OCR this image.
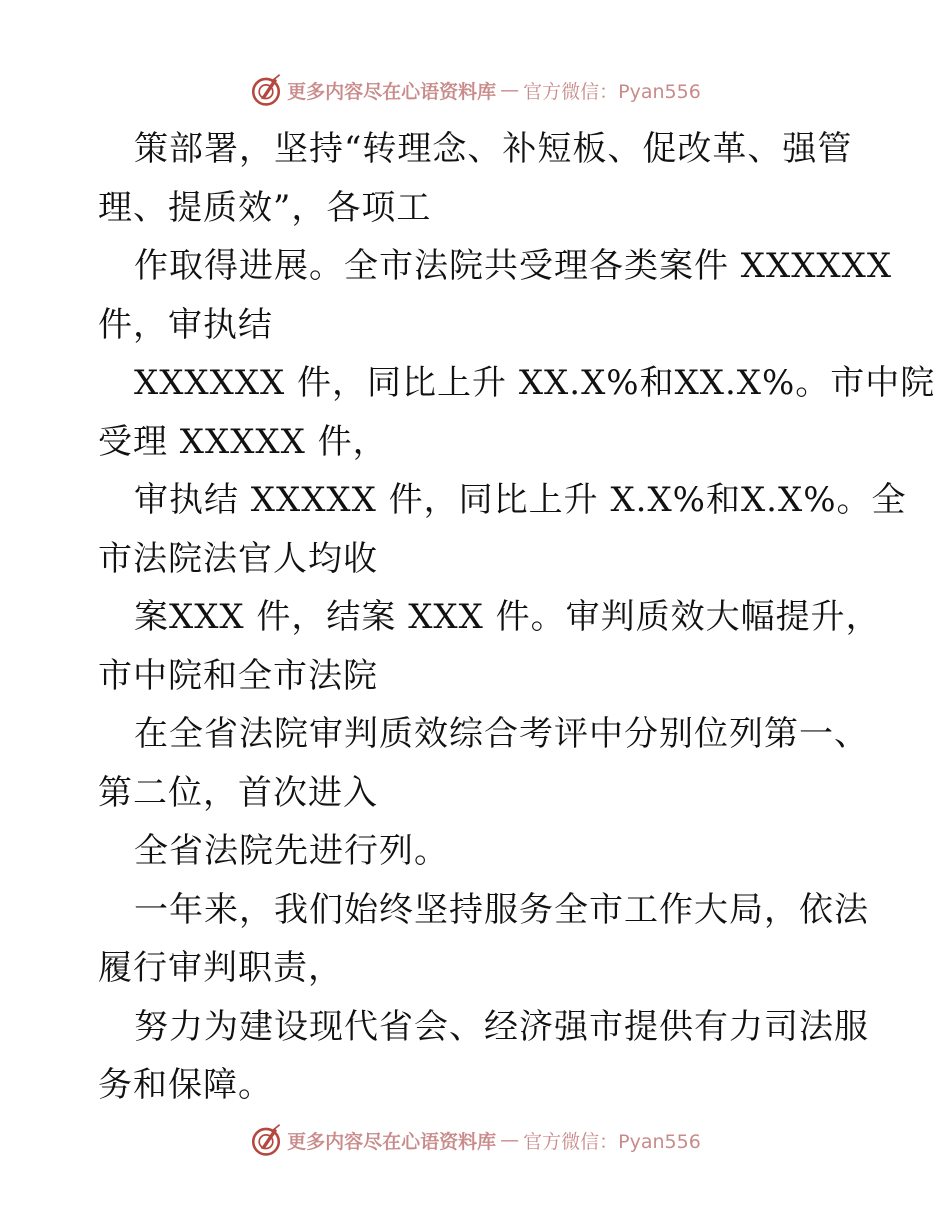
更多内容尽在心语资料库 — 官方微信：Pyan556
策部署，坚持“转理念、补短板、促改革、强管
理、提质效”，各项工
作取得进展。全市法院共受理各类案件 XXXXXX
件，审执结
XXXXXX 件，同比上升 XX.X%和XX.X%。市中院
受理 XXXXX 件，
审执结 XXXXX 件，同比上升 X.X%和X.X%。全
市法院法官人均收
案XXX 件，结案 XXX 件。审判质效大幅提升，
市中院和全市法院
在全省法院审判质效综合考评中分别位列第一、
第二位，首次进入
全省法院先进行列。
一年来，我们始终坚持服务全市工作大局，依法
履行审判职责，
努力为建设现代省会、经济强市提供有力司法服
务和保障。
更多内容尽在心语资料库 — 官方微信：Pyan556
